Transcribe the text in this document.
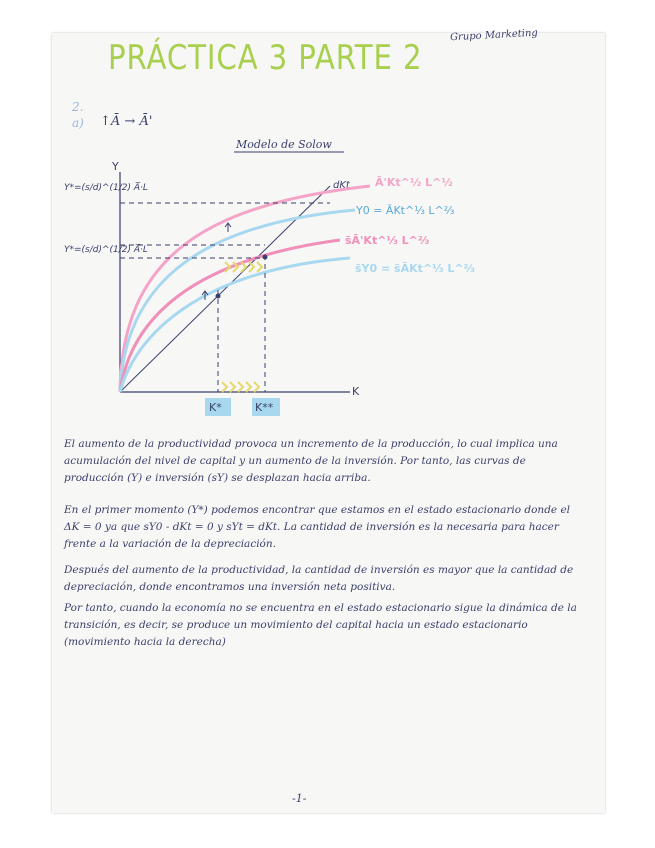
PRÁCTICA 3 PARTE 2
Grupo Marketing
2.
a) ↑Ā → Ā'
Modelo de Solow
Y
K
dKt Ā'Kt^½ L^½
Y0 = ĀKt^⅓ L^⅔
s̄Ā'Kt^⅓ L^⅔
s̄Y0 = s̄ĀKt^⅓ L^⅔
Y*=(s/d)^(1/2) A̅·L
Y*=(s/d)^(1/2) A̅·L
K*	K**
El aumento de la productividad provoca un incremento de la producción, lo cual implica una acumulación del nivel de capital y un aumento de la inversión. Por tanto, las curvas de producción (Y) e inversión (sY) se desplazan hacia arriba.
En el primer momento (Y*) podemos encontrar que estamos en el estado estacionario donde el ΔK = 0 ya que sY0 - dKt = 0 y sYt = dKt. La cantidad de inversión es la necesaria para hacer frente a la variación de la depreciación.
Después del aumento de la productividad, la cantidad de inversión es mayor que la cantidad de depreciación, donde encontramos una inversión neta positiva.
Por tanto, cuando la economía no se encuentra en el estado estacionario sigue la dinámica de la transición, es decir, se produce un movimiento del capital hacia un estado estacionario (movimiento hacia la derecha)
-1-
